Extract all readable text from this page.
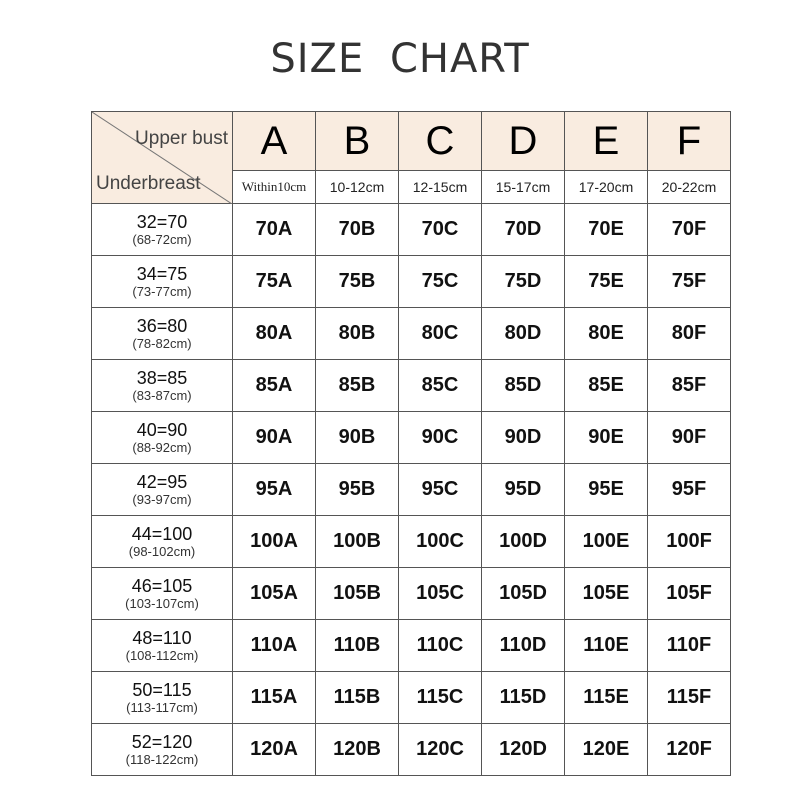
SIZE CHART
Upper bust
Underbreast	A	B	C	D	E	F
	Within10cm	10-12cm	12-15cm	15-17cm	17-20cm	20-22cm

32=70
(68-72cm)	70A	70B	70C	70D	70E	70F

34=75
(73-77cm)	75A	75B	75C	75D	75E	75F

36=80
(78-82cm)	80A	80B	80C	80D	80E	80F

38=85
(83-87cm)	85A	85B	85C	85D	85E	85F

40=90
(88-92cm)	90A	90B	90C	90D	90E	90F

42=95
(93-97cm)	95A	95B	95C	95D	95E	95F

44=100
(98-102cm)	100A	100B	100C	100D	100E	100F

46=105
(103-107cm)	105A	105B	105C	105D	105E	105F

48=110
(108-112cm)	110A	110B	110C	110D	110E	110F

50=115
(113-117cm)	115A	115B	115C	115D	115E	115F

52=120
(118-122cm)	120A	120B	120C	120D	120E	120F
